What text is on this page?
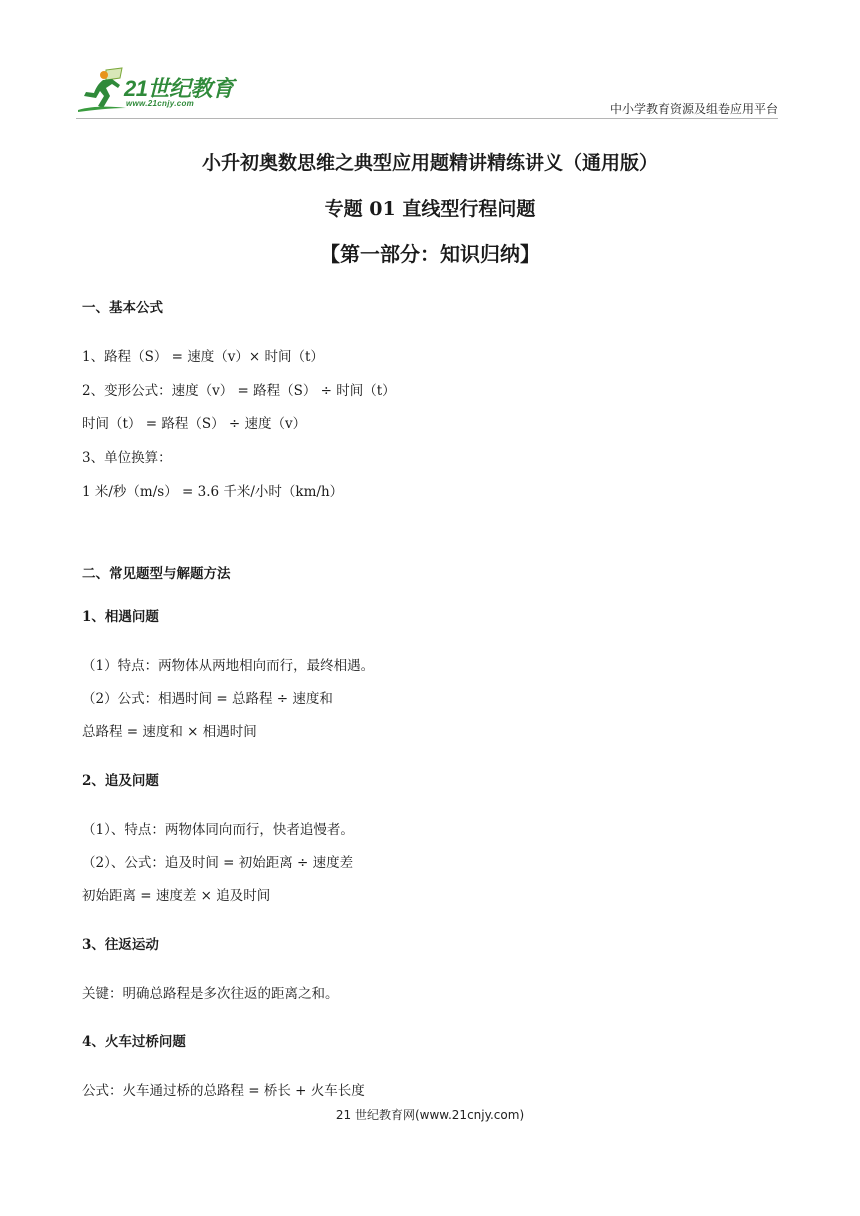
21世纪教育
www.21cnjy.com	中小学教育资源及组卷应用平台
小升初奥数思维之典型应用题精讲精练讲义（通用版）
专题 01 直线型行程问题
【第一部分：知识归纳】
一、基本公式
1、路程（S） = 速度（v）× 时间（t）
2、变形公式：速度（v） = 路程（S） ÷ 时间（t）
时间（t） = 路程（S） ÷ 速度（v）
3、单位换算：
1 米/秒（m/s） = 3.6 千米/小时（km/h）
二、常见题型与解题方法
1、相遇问题
（1）特点：两物体从两地相向而行，最终相遇。
（2）公式：相遇时间 = 总路程 ÷ 速度和
总路程 = 速度和 × 相遇时间
2、追及问题
（1）、特点：两物体同向而行，快者追慢者。
（2）、公式：追及时间 = 初始距离 ÷ 速度差
初始距离 = 速度差 × 追及时间
3、往返运动
关键：明确总路程是多次往返的距离之和。
4、火车过桥问题
公式：火车通过桥的总路程 = 桥长 + 火车长度
21 世纪教育网(www.21cnjy.com)
